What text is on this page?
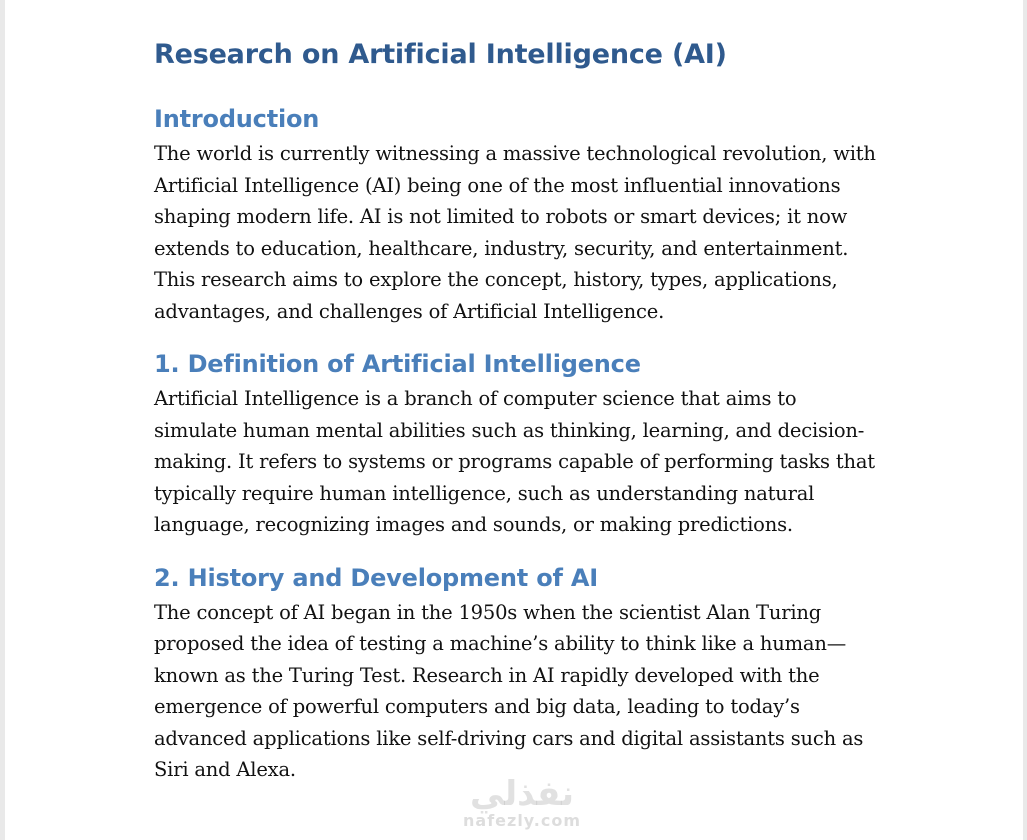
Research on Artificial Intelligence (AI)
Introduction

The world is currently witnessing a massive technological revolution, with Artificial Intelligence (AI) being one of the most influential innovations shaping modern life. AI is not limited to robots or smart devices; it now extends to education, healthcare, industry, security, and entertainment. This research aims to explore the concept, history, types, applications, advantages, and challenges of Artificial Intelligence.

1. Definition of Artificial Intelligence

Artificial Intelligence is a branch of computer science that aims to simulate human mental abilities such as thinking, learning, and decision-making. It refers to systems or programs capable of performing tasks that typically require human intelligence, such as understanding natural language, recognizing images and sounds, or making predictions.

2. History and Development of AI

The concept of AI began in the 1950s when the scientist Alan Turing proposed the idea of testing a machine’s ability to think like a human—known as the Turing Test. Research in AI rapidly developed with the emergence of powerful computers and big data, leading to today’s advanced applications like self-driving cars and digital assistants such as Siri and Alexa.

نفذلي
nafezly.com
